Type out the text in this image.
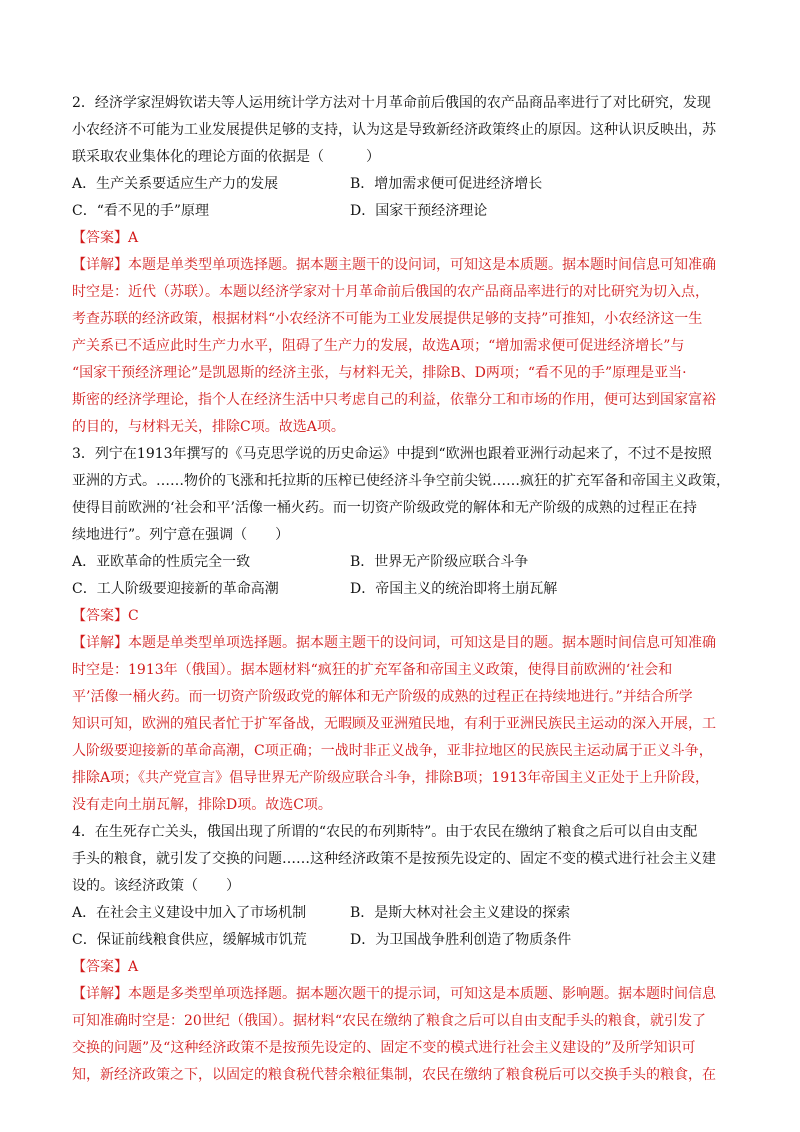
2．经济学家涅姆钦诺夫等人运用统计学方法对十月革命前后俄国的农产品商品率进行了对比研究，发现
小农经济不可能为工业发展提供足够的支持，认为这是导致新经济政策终止的原因。这种认识反映出，苏
联采取农业集体化的理论方面的依据是（　　　）
A．生产关系要适应生产力的发展	B．增加需求便可促进经济增长
C．“看不见的手”原理	D．国家干预经济理论
【答案】A
【详解】本题是单类型单项选择题。据本题主题干的设问词，可知这是本质题。据本题时间信息可知准确
时空是：近代（苏联）。本题以经济学家对十月革命前后俄国的农产品商品率进行的对比研究为切入点，
考查苏联的经济政策，根据材料“小农经济不可能为工业发展提供足够的支持”可推知，小农经济这一生
产关系已不适应此时生产力水平，阻碍了生产力的发展，故选A项；“增加需求便可促进经济增长”与
“国家干预经济理论”是凯恩斯的经济主张，与材料无关，排除B、D两项；“看不见的手”原理是亚当·
斯密的经济学理论，指个人在经济生活中只考虑自己的利益，依靠分工和市场的作用，便可达到国家富裕
的目的，与材料无关，排除C项。故选A项。
3．列宁在1913年撰写的《马克思学说的历史命运》中提到“欧洲也跟着亚洲行动起来了，不过不是按照
亚洲的方式。……物价的飞涨和托拉斯的压榨已使经济斗争空前尖锐……疯狂的扩充军备和帝国主义政策，
使得目前欧洲的‘社会和平’活像一桶火药。而一切资产阶级政党的解体和无产阶级的成熟的过程正在持
续地进行”。列宁意在强调（　　）
A．亚欧革命的性质完全一致	B．世界无产阶级应联合斗争
C．工人阶级要迎接新的革命高潮	D．帝国主义的统治即将土崩瓦解
【答案】C
【详解】本题是单类型单项选择题。据本题主题干的设问词，可知这是目的题。据本题时间信息可知准确
时空是：1913年（俄国）。据本题材料“疯狂的扩充军备和帝国主义政策，使得目前欧洲的‘社会和
平’活像一桶火药。而一切资产阶级政党的解体和无产阶级的成熟的过程正在持续地进行。”并结合所学
知识可知，欧洲的殖民者忙于扩军备战，无暇顾及亚洲殖民地，有利于亚洲民族民主运动的深入开展，工
人阶级要迎接新的革命高潮，C项正确；一战时非正义战争，亚非拉地区的民族民主运动属于正义斗争，
排除A项；《共产党宣言》倡导世界无产阶级应联合斗争，排除B项；1913年帝国主义正处于上升阶段，
没有走向土崩瓦解，排除D项。故选C项。
4．在生死存亡关头，俄国出现了所谓的“农民的布列斯特”。由于农民在缴纳了粮食之后可以自由支配
手头的粮食，就引发了交换的问题……这种经济政策不是按预先设定的、固定不变的模式进行社会主义建
设的。该经济政策（　　）
A．在社会主义建设中加入了市场机制	B．是斯大林对社会主义建设的探索
C．保证前线粮食供应，缓解城市饥荒	D．为卫国战争胜利创造了物质条件
【答案】A
【详解】本题是多类型单项选择题。据本题次题干的提示词，可知这是本质题、影响题。据本题时间信息
可知准确时空是：20世纪（俄国）。据材料“农民在缴纳了粮食之后可以自由支配手头的粮食，就引发了
交换的问题”及“这种经济政策不是按预先设定的、固定不变的模式进行社会主义建设的”及所学知识可
知，新经济政策之下，以固定的粮食税代替余粮征集制，农民在缴纳了粮食税后可以交换手头的粮食，在
